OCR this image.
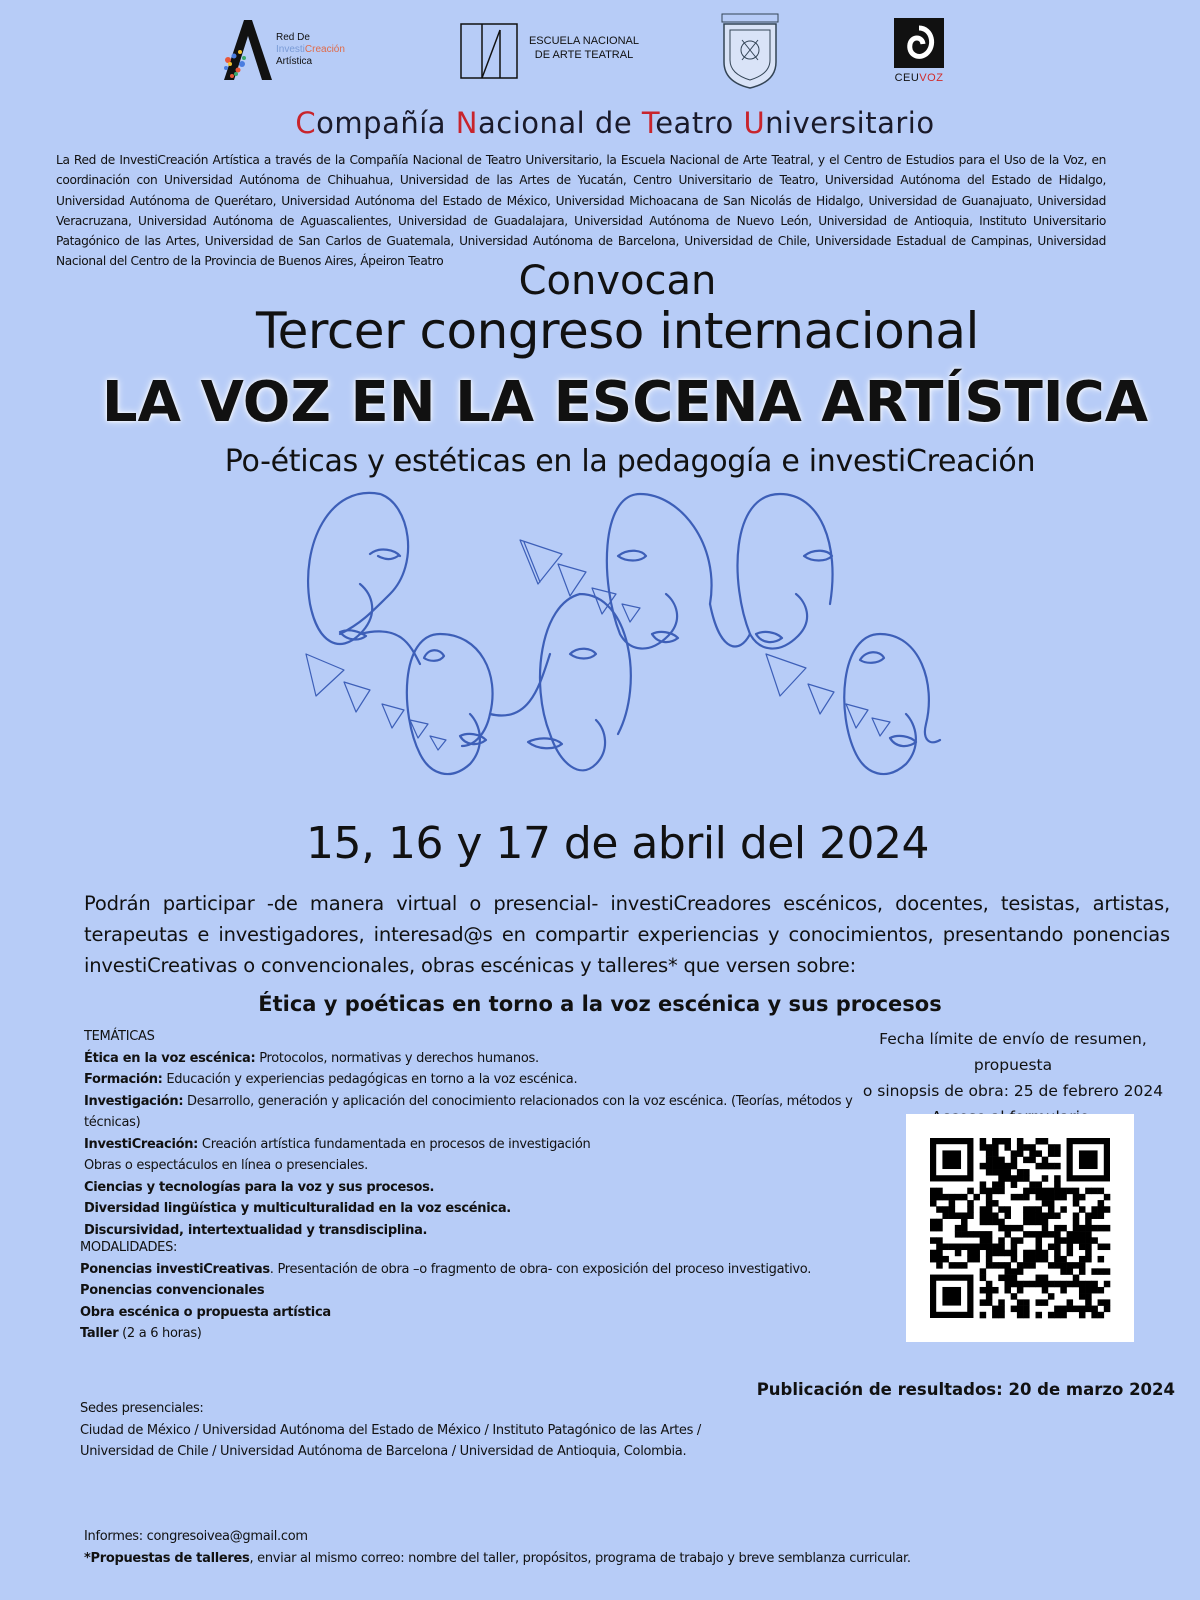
Red De
InvestiCreación
Artística
ESCUELA NACIONAL
DE ARTE TEATRAL
CEUVOZ
Compañía Nacional de Teatro Universitario
La Red de InvestiCreación Artística a través de la Compañía Nacional de Teatro Universitario, la Escuela Nacional de Arte Teatral, y el Centro de Estudios para el Uso de la Voz, en coordinación con Universidad Autónoma de Chihuahua, Universidad de las Artes de Yucatán, Centro Universitario de Teatro, Universidad Autónoma del Estado de Hidalgo, Universidad Autónoma de Querétaro, Universidad Autónoma del Estado de México, Universidad Michoacana de San Nicolás de Hidalgo, Universidad de Guanajuato, Universidad Veracruzana, Universidad Autónoma de Aguascalientes, Universidad de Guadalajara, Universidad Autónoma de Nuevo León, Universidad de Antioquia, Instituto Universitario Patagónico de las Artes, Universidad de San Carlos de Guatemala, Universidad Autónoma de Barcelona, Universidad de Chile, Universidade Estadual de Campinas, Universidad Nacional del Centro de la Provincia de Buenos Aires, Ápeiron Teatro	Convocan
Tercer congreso internacional
LA VOZ EN LA ESCENA ARTÍSTICA
Po-éticas y estéticas en la pedagogía e investiCreación
15, 16 y 17 de abril del 2024
Podrán participar -de manera virtual o presencial- investiCreadores escénicos, docentes, tesistas, artistas, terapeutas e investigadores, interesad@s en compartir experiencias y conocimientos, presentando ponencias investiCreativas o convencionales, obras escénicas y talleres* que versen sobre:
Ética y poéticas en torno a la voz escénica y sus procesos
TEMÁTICAS
Ética en la voz escénica: Protocolos, normativas y derechos humanos.
Formación: Educación y experiencias pedagógicas en torno a la voz escénica.
Investigación: Desarrollo, generación y aplicación del conocimiento relacionados con la voz escénica. (Teorías, métodos y técnicas)
InvestiCreación: Creación artística fundamentada en procesos de investigación
Obras o espectáculos en línea o presenciales.
Ciencias y tecnologías para la voz y sus procesos.
Diversidad lingüística y multiculturalidad en la voz escénica.
Discursividad, intertextualidad y transdisciplina.
MODALIDADES:
Ponencias investiCreativas. Presentación de obra –o fragmento de obra- con exposición del proceso investigativo.
Ponencias convencionales
Obra escénica o propuesta artística
Taller (2 a 6 horas)
Fecha límite de envío de resumen, propuesta
o sinopsis de obra: 25 de febrero 2024
Publicación de resultados: 20 de marzo 2024
Sedes presenciales:
Ciudad de México / Universidad Autónoma del Estado de México / Instituto Patagónico de las Artes /
Universidad de Chile / Universidad Autónoma de Barcelona / Universidad de Antioquia, Colombia.
Informes: congresoivea@gmail.com
*Propuestas de talleres, enviar al mismo correo: nombre del taller, propósitos, programa de trabajo y breve semblanza curricular.
